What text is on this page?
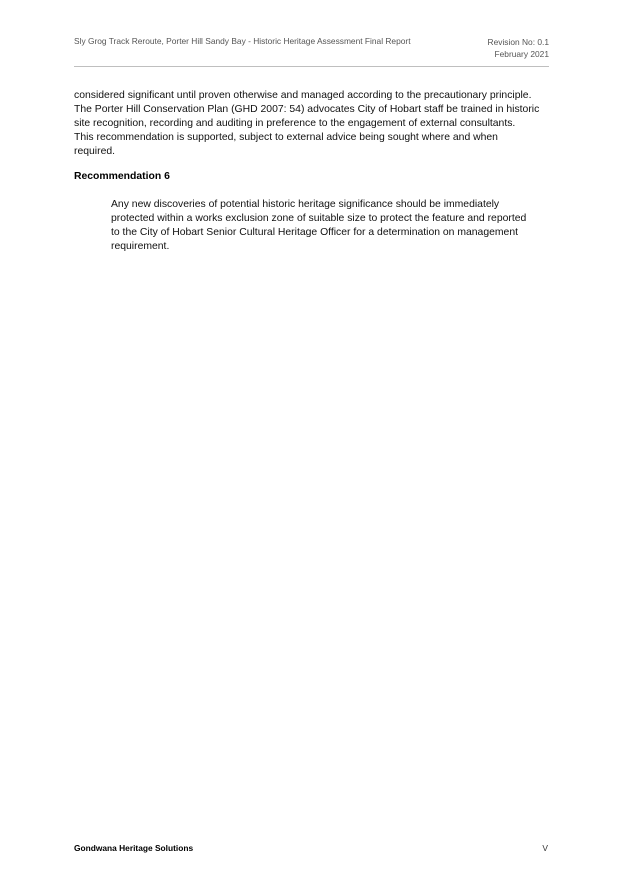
Sly Grog Track Reroute, Porter Hill Sandy Bay - Historic Heritage Assessment Final Report	Revision No: 0.1
February 2021
considered significant until proven otherwise and managed according to the precautionary principle.
The Porter Hill Conservation Plan (GHD 2007: 54) advocates City of Hobart staff be trained in historic
site recognition, recording and auditing in preference to the engagement of external consultants.
This recommendation is supported, subject to external advice being sought where and when
required.
Recommendation 6
Any new discoveries of potential historic heritage significance should be immediately
protected within a works exclusion zone of suitable size to protect the feature and reported
to the City of Hobart Senior Cultural Heritage Officer for a determination on management
requirement.
Gondwana Heritage Solutions	V
